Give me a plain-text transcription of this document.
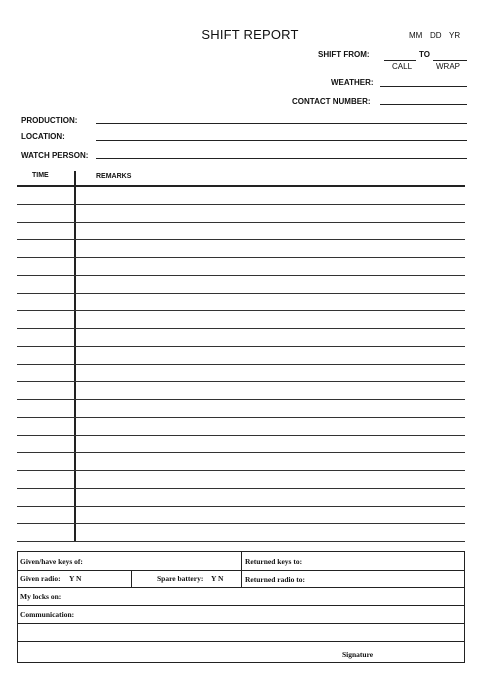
SHIFT REPORT	MM DD YR
SHIFT FROM:	TO
CALL	WRAP
WEATHER:
CONTACT NUMBER:
PRODUCTION:
LOCATION:
WATCH PERSON:
TIME	REMARKS
Given/have keys of:	Returned keys to:
Given radio: Y N	Spare battery: Y N	Returned radio to:
My locks on:
Communication:
Signature
